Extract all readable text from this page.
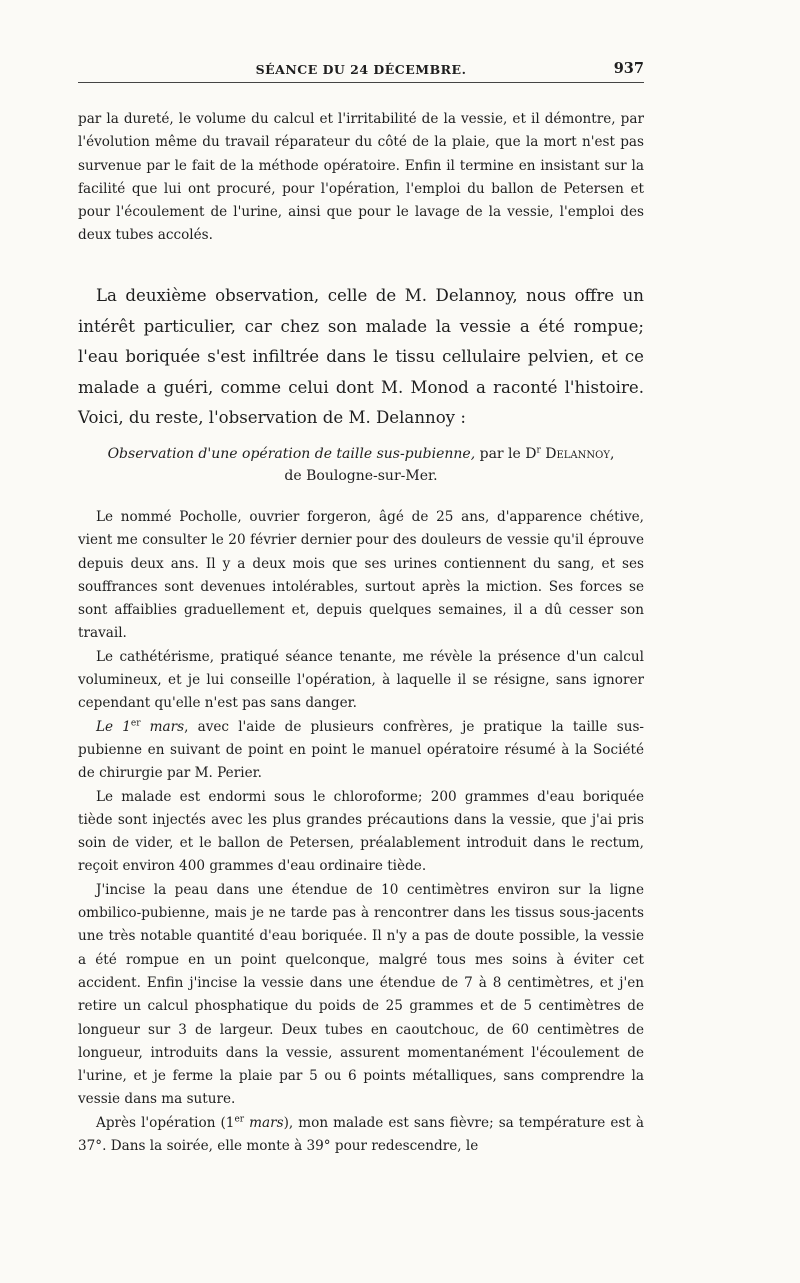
SÉANCE DU 24 DÉCEMBRE.	937

par la dureté, le volume du calcul et l'irritabilité de la vessie, et il démontre, par l'évolution même du travail réparateur du côté de la plaie, que la mort n'est pas survenue par le fait de la méthode opératoire. Enfin il termine en insistant sur la facilité que lui ont procuré, pour l'opération, l'emploi du ballon de Petersen et pour l'écoulement de l'urine, ainsi que pour le lavage de la vessie, l'emploi des deux tubes accolés.

La deuxième observation, celle de M. Delannoy, nous offre un intérêt particulier, car chez son malade la vessie a été rompue; l'eau boriquée s'est infiltrée dans le tissu cellulaire pelvien, et ce malade a guéri, comme celui dont M. Monod a raconté l'histoire. Voici, du reste, l'observation de M. Delannoy :

Observation d'une opération de taille sus-pubienne, par le $D^r$ Delannoy,
de Boulogne-sur-Mer.

Le nommé Pocholle, ouvrier forgeron, âgé de 25 ans, d'apparence chétive, vient me consulter le 20 février dernier pour des douleurs de vessie qu'il éprouve depuis deux ans. Il y a deux mois que ses urines contiennent du sang, et ses souffrances sont devenues intolérables, surtout après la miction. Ses forces se sont affaiblies graduellement et, depuis quelques semaines, il a dû cesser son travail.

Le cathétérisme, pratiqué séance tenante, me révèle la présence d'un calcul volumineux, et je lui conseille l'opération, à laquelle il se résigne, sans ignorer cependant qu'elle n'est pas sans danger.

Le 1er mars, avec l'aide de plusieurs confrères, je pratique la taille sus-pubienne en suivant de point en point le manuel opératoire résumé à la Société de chirurgie par M. Perier.

Le malade est endormi sous le chloroforme; 200 grammes d'eau boriquée tiède sont injectés avec les plus grandes précautions dans la vessie, que j'ai pris soin de vider, et le ballon de Petersen, préalablement introduit dans le rectum, reçoit environ 400 grammes d'eau ordinaire tiède.

J'incise la peau dans une étendue de 10 centimètres environ sur la ligne ombilico-pubienne, mais je ne tarde pas à rencontrer dans les tissus sous-jacents une très notable quantité d'eau boriquée. Il n'y a pas de doute possible, la vessie a été rompue en un point quelconque, malgré tous mes soins à éviter cet accident. Enfin j'incise la vessie dans une étendue de 7 à 8 centimètres, et j'en retire un calcul phosphatique du poids de 25 grammes et de 5 centimètres de longueur sur 3 de largeur. Deux tubes en caoutchouc, de 60 centimètres de longueur, introduits dans la vessie, assurent momentanément l'écoulement de l'urine, et je ferme la plaie par 5 ou 6 points métalliques, sans comprendre la vessie dans ma suture.

Après l'opération (1er mars), mon malade est sans fièvre; sa température est à 37°. Dans la soirée, elle monte à 39° pour redescendre, le
